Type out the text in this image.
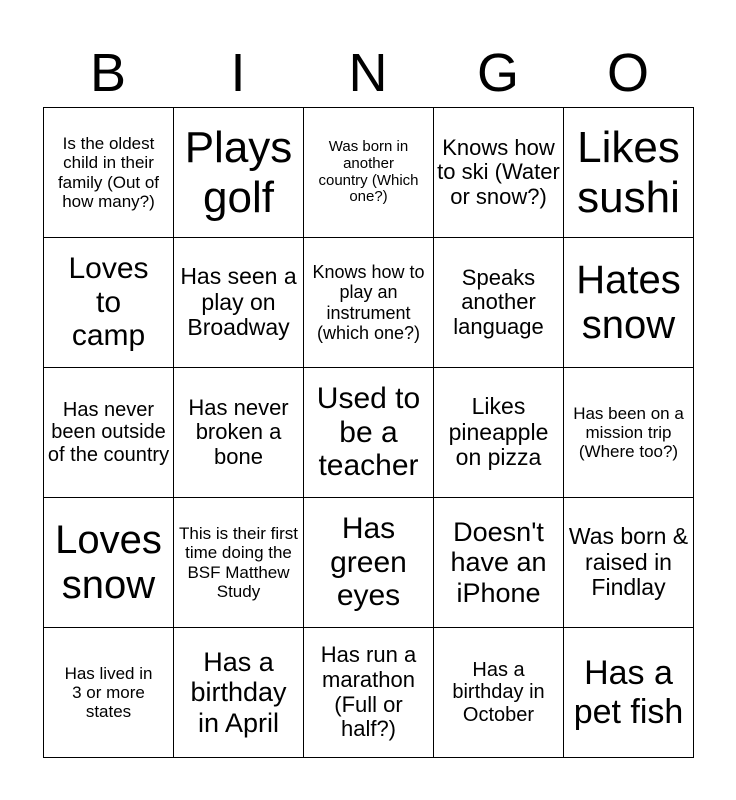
B	I	N	G	O
Is the oldest child in their family (Out of how many?)	Plays golf	Was born in another country (Which one?)	Knows how to ski (Water or snow?)	Likes sushi
Loves to camp	Has seen a play on Broadway	Knows how to play an instrument (which one?)	Speaks another language	Hates snow
Has never been outside of the country	Has never broken a bone	Used to be a teacher	Likes pineapple on pizza	Has been on a mission trip (Where too?)
Loves snow	This is their first time doing the BSF Matthew Study	Has green eyes	Doesn't have an iPhone	Was born & raised in Findlay
Has lived in 3 or more states	Has a birthday in April	Has run a marathon (Full or half?)	Has a birthday in October	Has a pet fish
